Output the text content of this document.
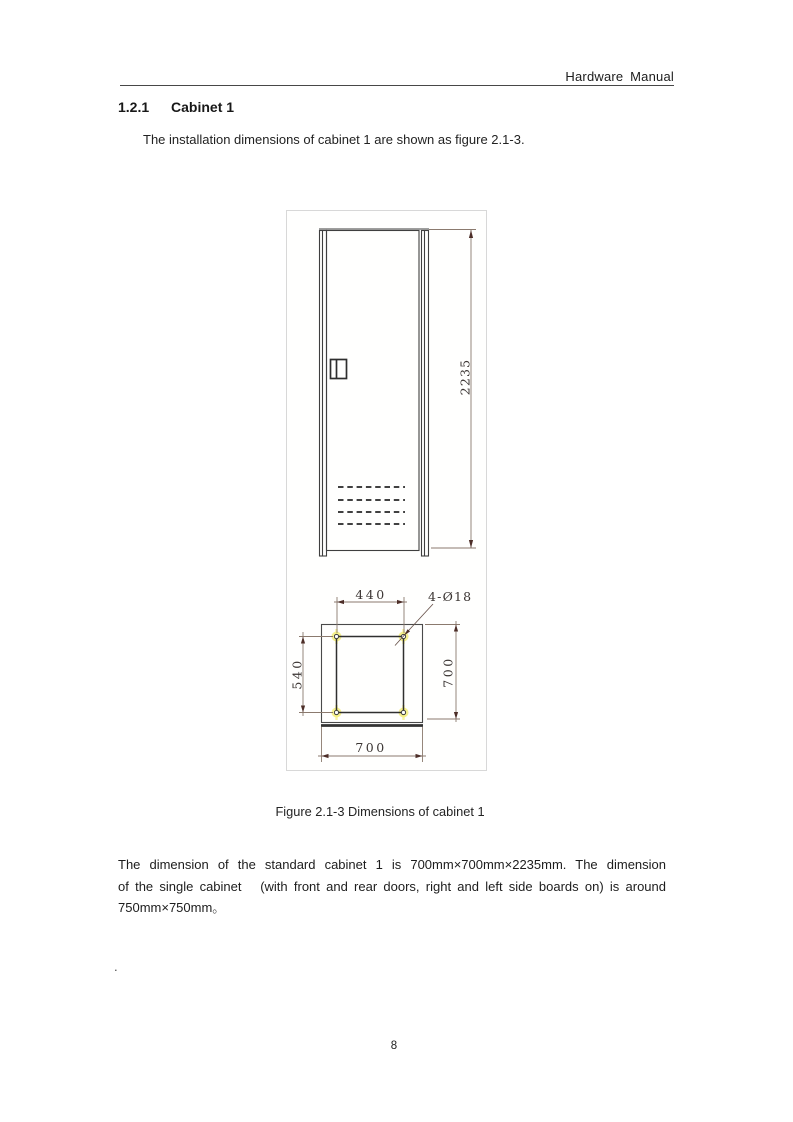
Hardware Manual
1.2.1 Cabinet 1
The installation dimensions of cabinet 1 are shown as figure 2.1-3.
2235
440	4-Ø18
540	700
700
Figure 2.1-3 Dimensions of cabinet 1
The dimension of the standard cabinet 1 is 700mm×700mm×2235mm. The dimension
of the single cabinet   (with front and rear doors, right and left side boards on) is around
750mm×750mm。
.
8
